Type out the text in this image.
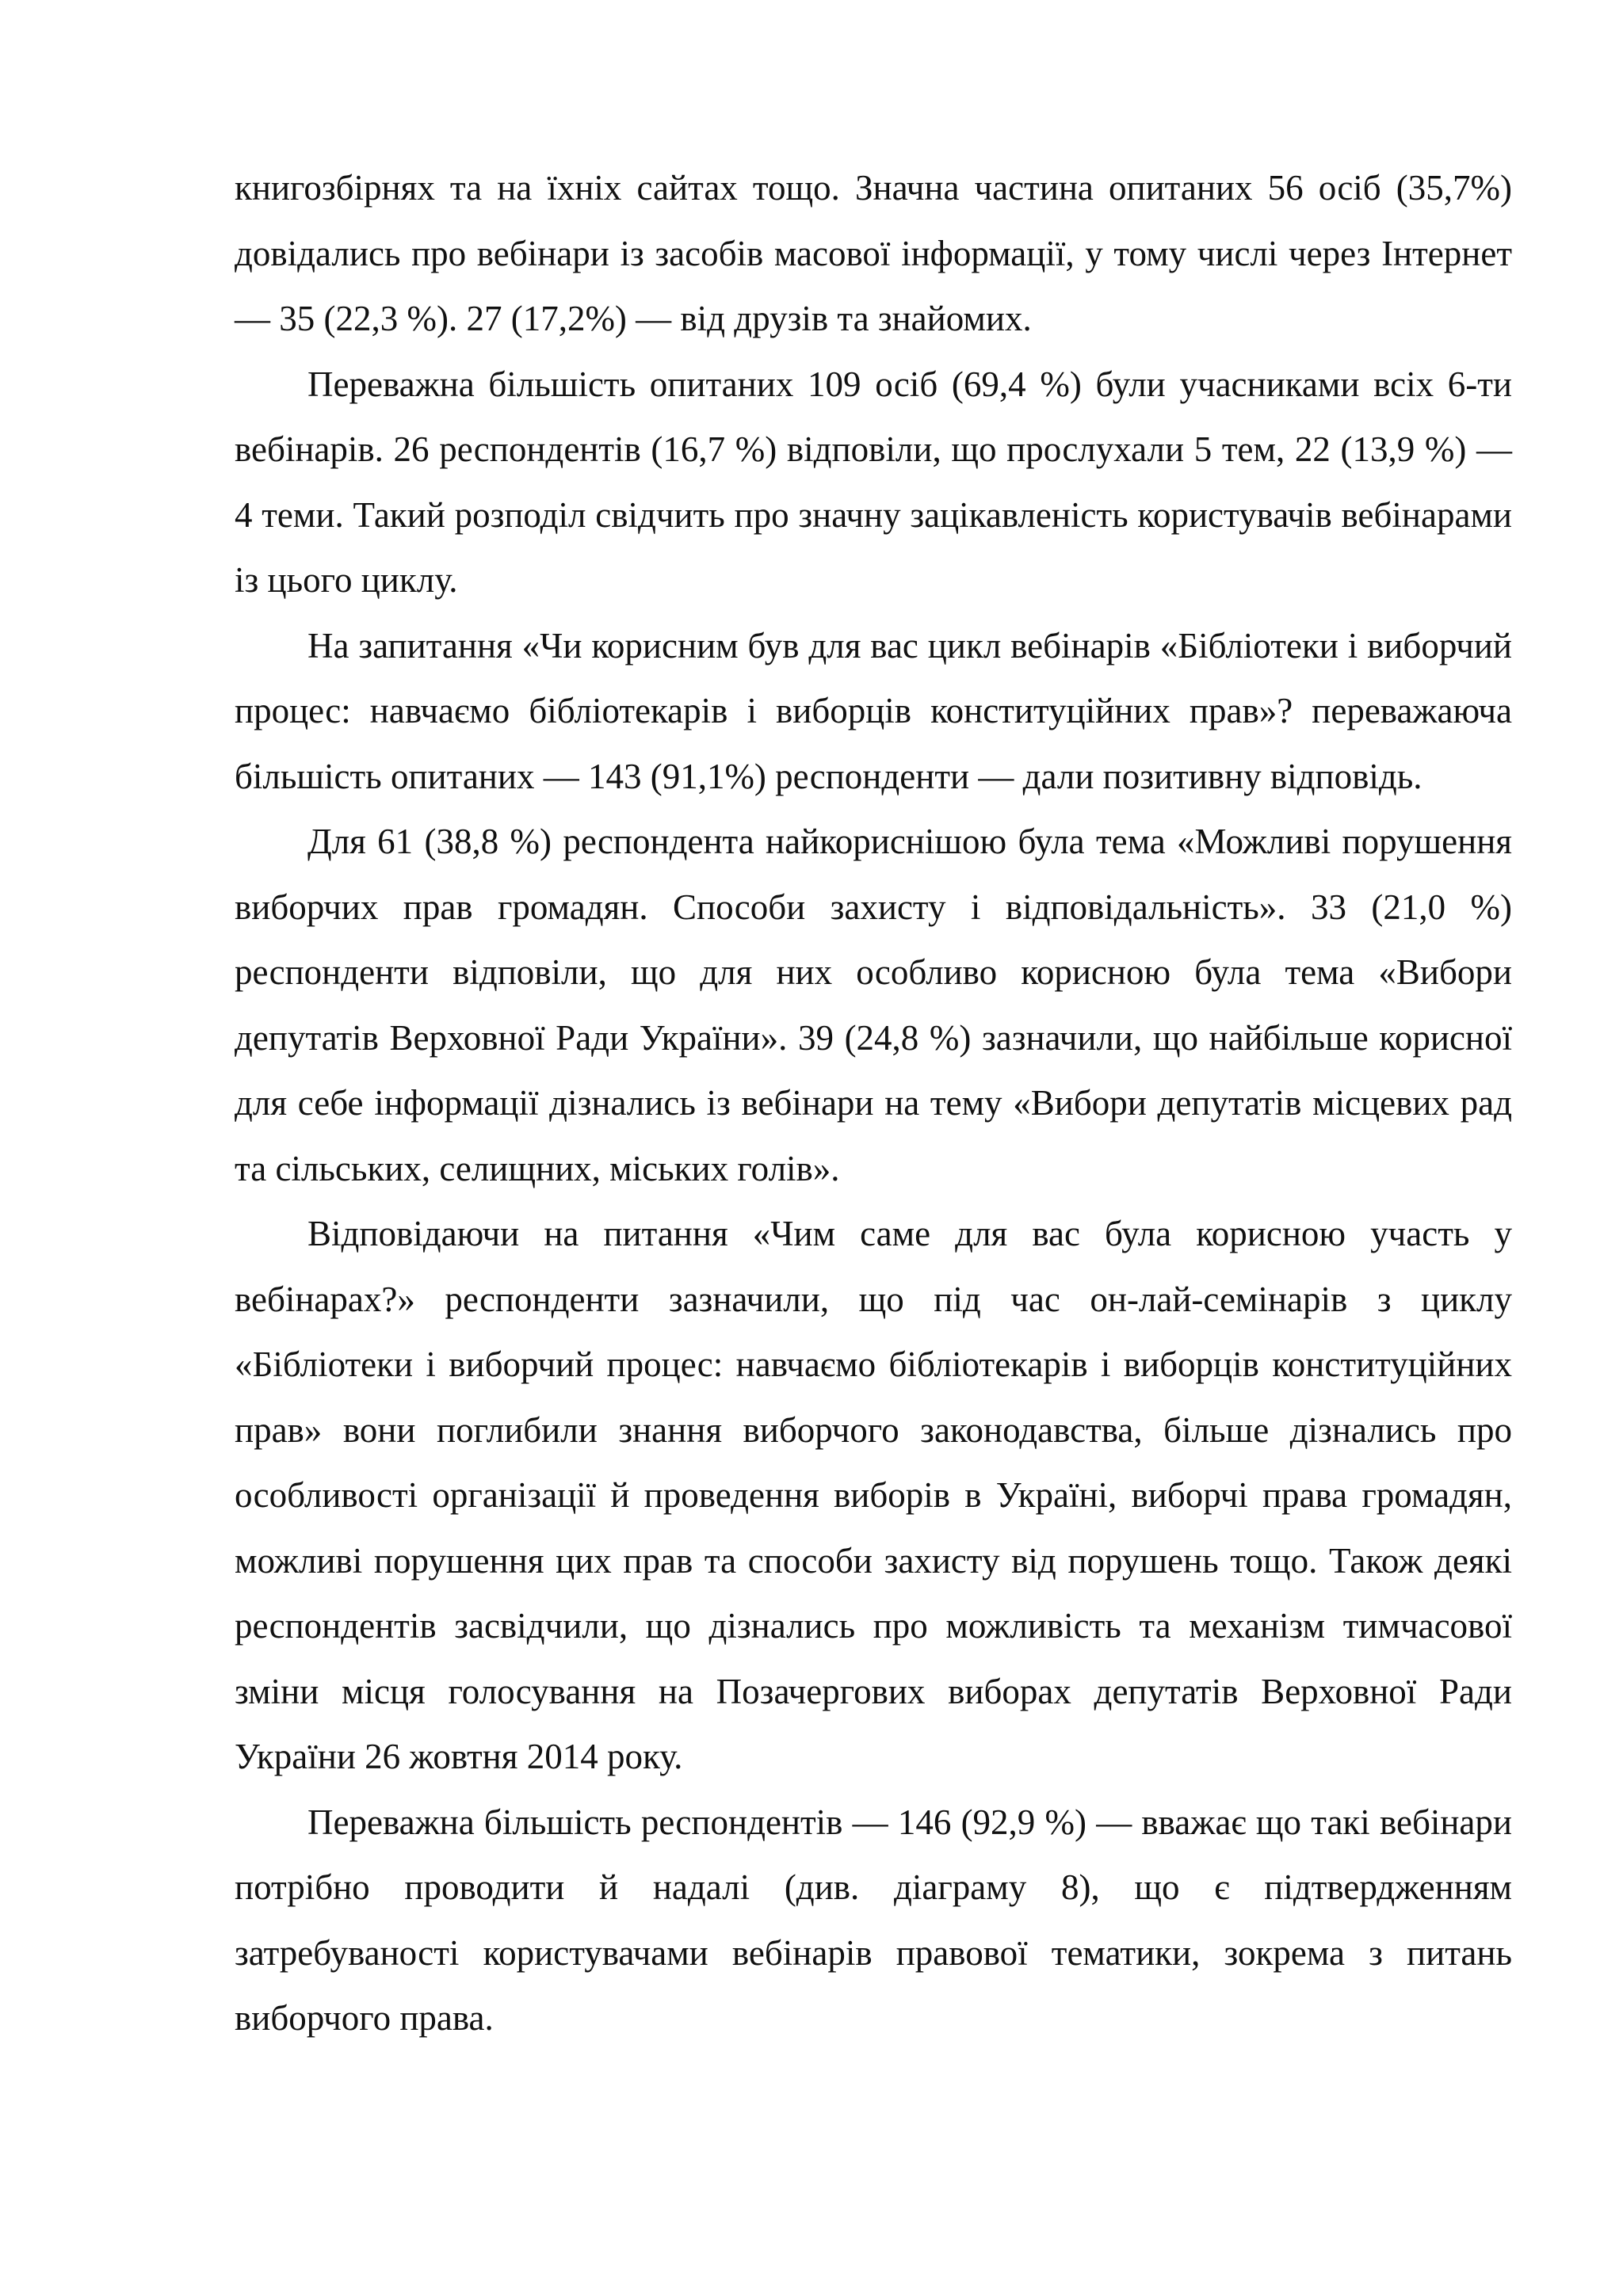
книгозбірнях та на їхніх сайтах тощо. Значна частина опитаних 56 осіб (35,7%) довідались про вебінари із засобів масової інформації, у тому числі через Інтернет — 35 (22,3 %). 27 (17,2%) — від друзів та знайомих.

Переважна більшість опитаних 109 осіб (69,4 %) були учасниками всіх 6-ти вебінарів. 26 респондентів (16,7 %) відповіли, що прослухали 5 тем, 22 (13,9 %) — 4 теми. Такий розподіл свідчить про значну зацікавленість користувачів вебінарами із цього циклу.

На запитання «Чи корисним був для вас цикл вебінарів «Бібліотеки і виборчий процес: навчаємо бібліотекарів і виборців конституційних прав»? переважаюча більшість опитаних — 143 (91,1%) респонденти — дали позитивну відповідь.

Для 61 (38,8 %) респондента найкориснішою була тема «Можливі порушення виборчих прав громадян. Способи захисту і відповідальність». 33 (21,0 %) респонденти відповіли, що для них особливо корисною була тема «Вибори депутатів Верховної Ради України». 39 (24,8 %) зазначили, що найбільше корисної для себе інформації дізнались із вебінари на тему «Вибори депутатів місцевих рад та сільських, селищних, міських голів».

Відповідаючи на питання «Чим саме для вас була корисною участь у вебінарах?» респонденти зазначили, що під час он-лай-семінарів з циклу «Бібліотеки і виборчий процес: навчаємо бібліотекарів і виборців конституційних прав» вони поглибили знання виборчого законодавства, більше дізнались про особливості організації й проведення виборів в Україні, виборчі права громадян, можливі порушення цих прав та способи захисту від порушень тощо. Також деякі респондентів засвідчили, що дізнались про можливість та механізм тимчасової зміни місця голосування на Позачергових виборах депутатів Верховної Ради України 26 жовтня 2014 року.

Переважна більшість респондентів — 146 (92,9 %) — вважає що такі вебінари потрібно проводити й надалі (див. діаграму 8), що є підтвердженням затребуваності користувачами вебінарів правової тематики, зокрема з питань виборчого права.
